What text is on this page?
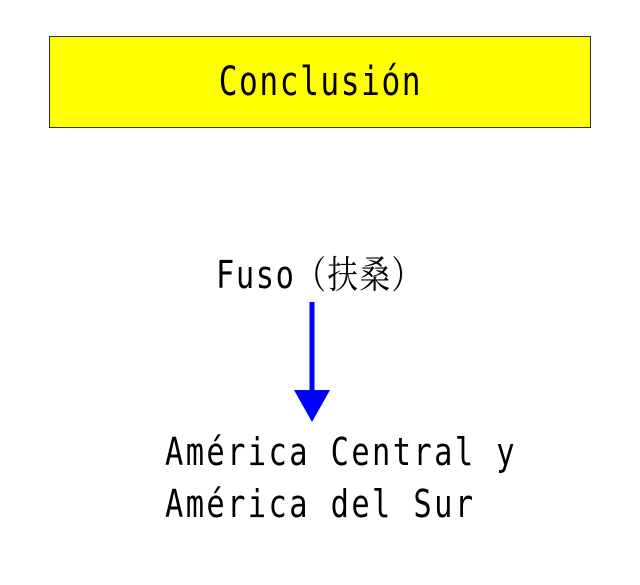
Conclusión
Fuso（扶桑）
América Central y
América del Sur
